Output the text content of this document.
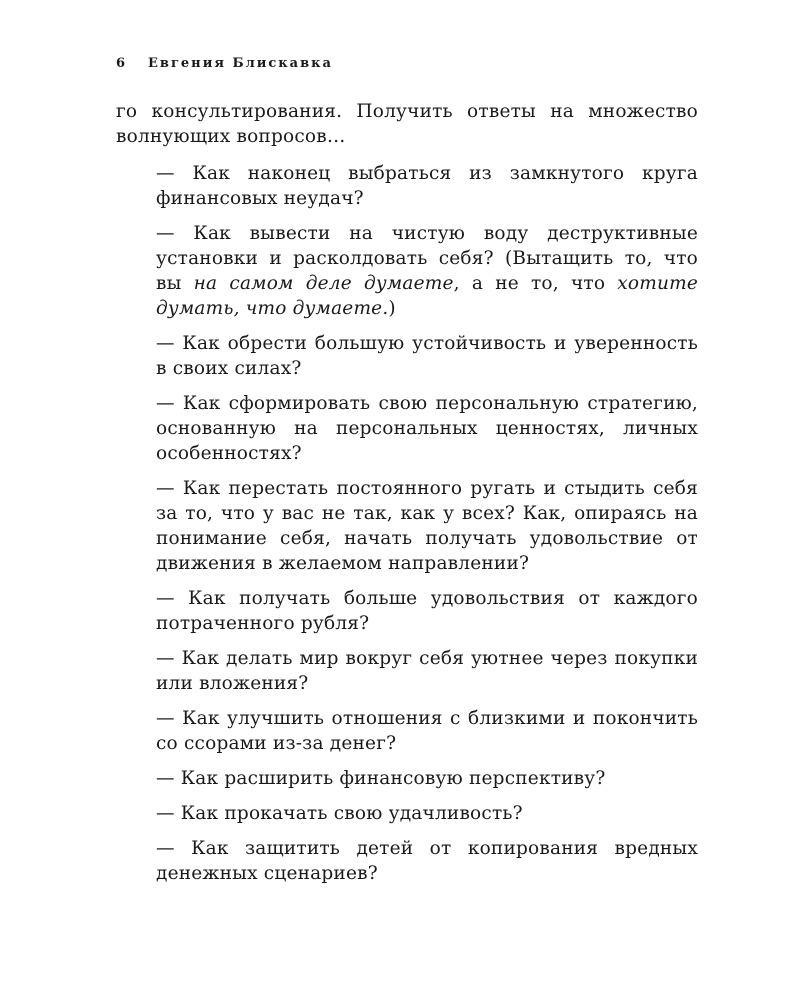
6 Евгения Блискавка

го консультирования. Получить ответы на множество волнующих вопросов…

— Как наконец выбраться из замкнутого круга финансовых неудач?
— Как вывести на чистую воду деструктивные установки и расколдовать себя? (Вытащить то, что вы на самом деле думаете, а не то, что хотите думать, что думаете.)
— Как обрести большую устойчивость и уверенность в своих силах?
— Как сформировать свою персональную стратегию, основанную на персональных ценностях, личных особенностях?
— Как перестать постоянного ругать и стыдить себя за то, что у вас не так, как у всех? Как, опираясь на понимание себя, начать получать удовольствие от движения в желаемом направлении?
— Как получать больше удовольствия от каждого потраченного рубля?
— Как делать мир вокруг себя уютнее через покупки или вложения?
— Как улучшить отношения с близкими и покончить со ссорами из-за денег?
— Как расширить финансовую перспективу?
— Как прокачать свою удачливость?
— Как защитить детей от копирования вредных денежных сценариев?
